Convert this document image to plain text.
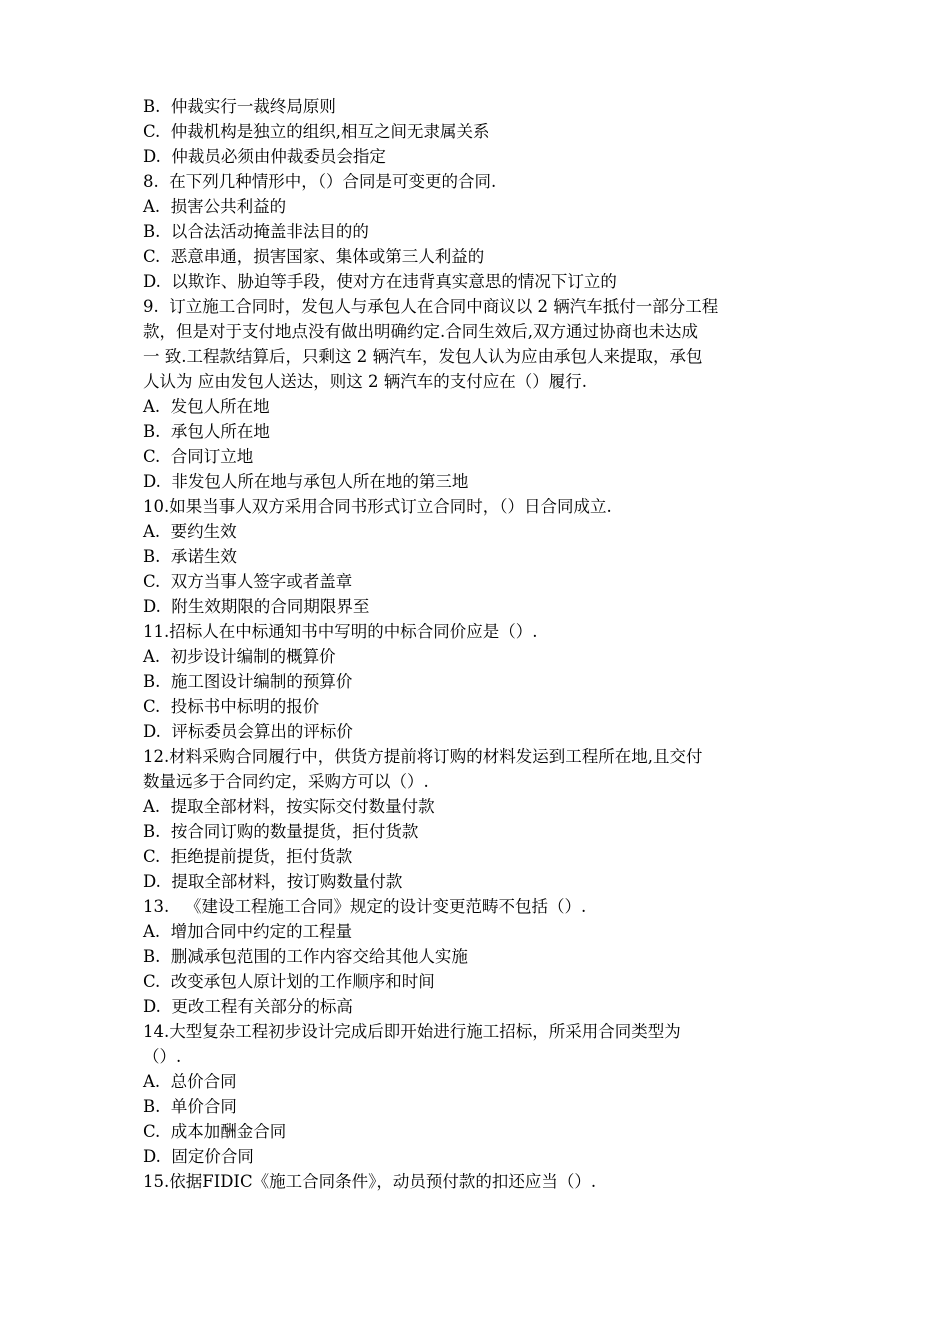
B.  仲裁实行一裁终局原则
C.  仲裁机构是独立的组织,相互之间无隶属关系
D.  仲裁员必须由仲裁委员会指定
8.  在下列几种情形中，（）合同是可变更的合同.
A.  损害公共利益的
B.  以合法活动掩盖非法目的的
C.  恶意串通，损害国家、集体或第三人利益的
D.  以欺诈、胁迫等手段，使对方在违背真实意思的情况下订立的
9.  订立施工合同时，发包人与承包人在合同中商议以 2 辆汽车抵付一部分工程
款，但是对于支付地点没有做出明确约定.合同生效后,双方通过协商也未达成
一 致.工程款结算后，只剩这 2 辆汽车，发包人认为应由承包人来提取，承包
人认为 应由发包人送达，则这 2 辆汽车的支付应在（）履行.
A.  发包人所在地
B.  承包人所在地
C.  合同订立地
D.  非发包人所在地与承包人所在地的第三地
10.如果当事人双方采用合同书形式订立合同时，（）日合同成立.
A.  要约生效
B.  承诺生效
C.  双方当事人签字或者盖章
D.  附生效期限的合同期限界至
11.招标人在中标通知书中写明的中标合同价应是（）.
A.  初步设计编制的概算价
B.  施工图设计编制的预算价
C.  投标书中标明的报价
D.  评标委员会算出的评标价
12.材料采购合同履行中，供货方提前将订购的材料发运到工程所在地,且交付
数量远多于合同约定，采购方可以（）.
A.  提取全部材料，按实际交付数量付款
B.  按合同订购的数量提货，拒付货款
C.  拒绝提前提货，拒付货款
D.  提取全部材料，按订购数量付款
13.   《建设工程施工合同》规定的设计变更范畴不包括（）.
A.  增加合同中约定的工程量
B.  删减承包范围的工作内容交给其他人实施
C.  改变承包人原计划的工作顺序和时间
D.  更改工程有关部分的标高
14.大型复杂工程初步设计完成后即开始进行施工招标，所采用合同类型为
（）.
A.  总价合同
B.  单价合同
C.  成本加酬金合同
D.  固定价合同
15.依据FIDIC《施工合同条件》，动员预付款的扣还应当（）.
